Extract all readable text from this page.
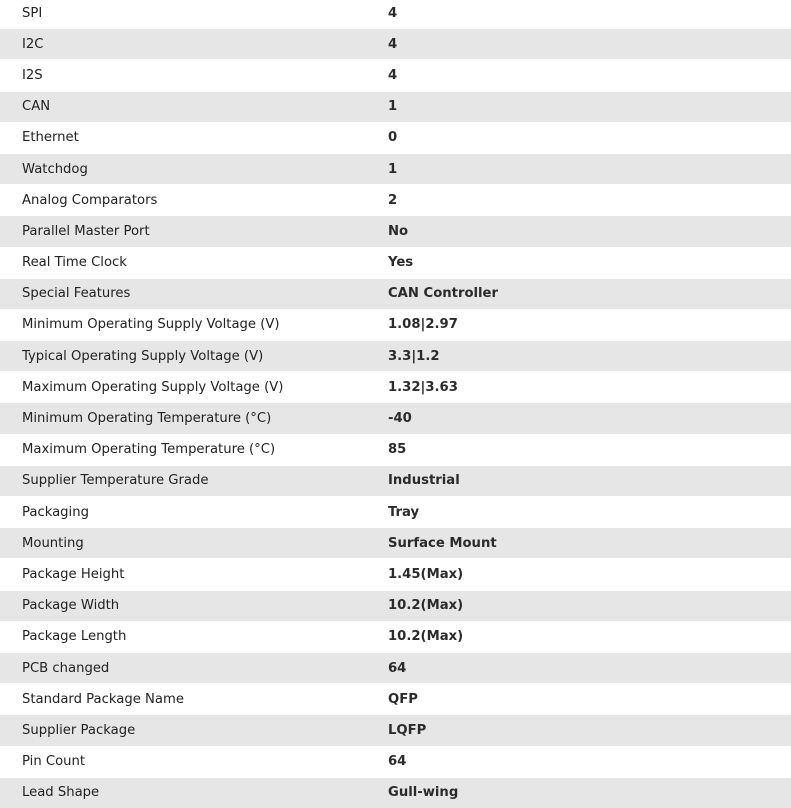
SPI	4
I2C	4
I2S	4
CAN	1
Ethernet	0
Watchdog	1
Analog Comparators	2
Parallel Master Port	No
Real Time Clock	Yes
Special Features	CAN Controller
Minimum Operating Supply Voltage (V)	1.08|2.97
Typical Operating Supply Voltage (V)	3.3|1.2
Maximum Operating Supply Voltage (V)	1.32|3.63
Minimum Operating Temperature (°C)	-40
Maximum Operating Temperature (°C)	85
Supplier Temperature Grade	Industrial
Packaging	Tray
Mounting	Surface Mount
Package Height	1.45(Max)
Package Width	10.2(Max)
Package Length	10.2(Max)
PCB changed	64
Standard Package Name	QFP
Supplier Package	LQFP
Pin Count	64
Lead Shape	Gull-wing
